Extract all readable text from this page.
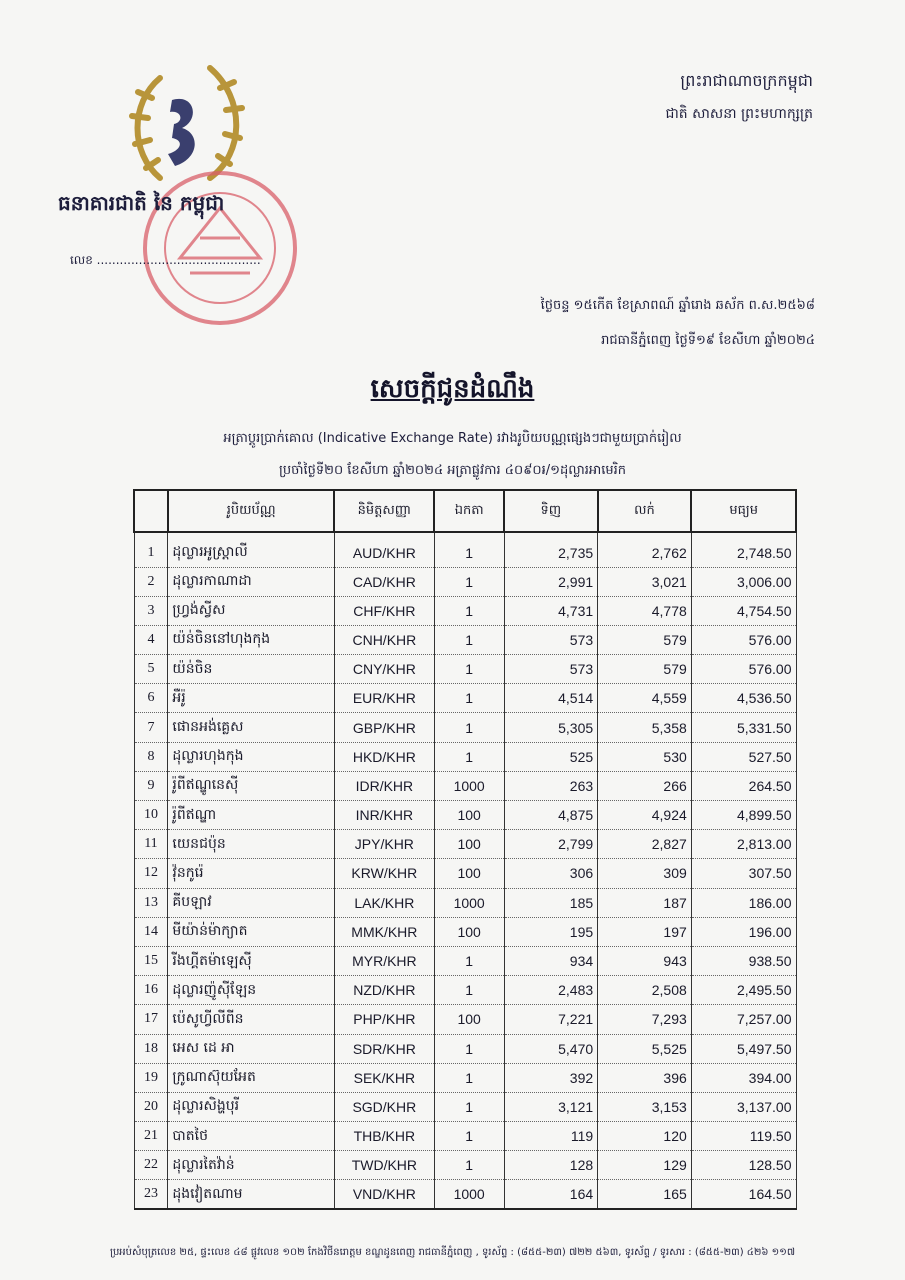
ធនាគារជាតិ នៃ កម្ពុជា
លេខ ...........................................
ព្រះរាជាណាចក្រកម្ពុជា
ជាតិ សាសនា ព្រះមហាក្សត្រ
ថ្ងៃចន្ទ ១៥កើត ខែស្រាពណ៍ ឆ្នាំរោង ឆស័ក ព.ស.២៥៦៨
រាជធានីភ្នំពេញ ថ្ងៃទី១៩ ខែសីហា ឆ្នាំ២០២៤
សេចក្តីជូនដំណឹង
អត្រាប្តូរប្រាក់គោល (Indicative Exchange Rate) រវាងរូបិយបណ្ណផ្សេងៗជាមួយប្រាក់រៀល
ប្រចាំថ្ងៃទី២០ ខែសីហា ឆ្នាំ២០២៤ អត្រាផ្លូវការ ៤០៩០៛/១ដុល្លារអាមេរិក
	រូបិយប័ណ្ណ	និមិត្តសញ្ញា	ឯកតា	ទិញ	លក់	មធ្យម
1	ដុល្លារអូស្ត្រាលី	AUD/KHR	1	2,735	2,762	2,748.50
2	ដុល្លារកាណាដា	CAD/KHR	1	2,991	3,021	3,006.00
3	ហ្វ្រង់ស្វីស	CHF/KHR	1	4,731	4,778	4,754.50
4	យ៉ន់ចិននៅហុងកុង	CNH/KHR	1	573	579	576.00
5	យ៉ន់ចិន	CNY/KHR	1	573	579	576.00
6	អឺរ៉ូ	EUR/KHR	1	4,514	4,559	4,536.50
7	ផោនអង់គ្លេស	GBP/KHR	1	5,305	5,358	5,331.50
8	ដុល្លារហុងកុង	HKD/KHR	1	525	530	527.50
9	រ៉ូពីឥណ្ឌូនេស៊ី	IDR/KHR	1000	263	266	264.50
10	រ៉ូពីឥណ្ឌា	INR/KHR	100	4,875	4,924	4,899.50
11	យេនជប៉ុន	JPY/KHR	100	2,799	2,827	2,813.00
12	វ៉ុនកូរ៉េ	KRW/KHR	100	306	309	307.50
13	គីបឡាវ	LAK/KHR	1000	185	187	186.00
14	មីយ៉ាន់ម៉ាក្យាត	MMK/KHR	100	195	197	196.00
15	រីងហ្គីតម៉ាឡេស៊ី	MYR/KHR	1	934	943	938.50
16	ដុល្លារញ៉ូស៊ីឡែន	NZD/KHR	1	2,483	2,508	2,495.50
17	ប៉េសូហ្វីលីពីន	PHP/KHR	100	7,221	7,293	7,257.00
18	អេស ដេ អា	SDR/KHR	1	5,470	5,525	5,497.50
19	ក្រូណាស៊ុយអែត	SEK/KHR	1	392	396	394.00
20	ដុល្លារសិង្ហបុរី	SGD/KHR	1	3,121	3,153	3,137.00
21	បាតថៃ	THB/KHR	1	119	120	119.50
22	ដុល្លារតៃវ៉ាន់	TWD/KHR	1	128	129	128.50
23	ដុងវៀតណាម	VND/KHR	1000	164	165	164.50
ប្រអប់សំបុត្រលេខ ២៥, ផ្ទះលេខ ៤៨ ផ្លូវលេខ ១០២ កែងវិថីនរោត្តម ខណ្ឌដូនពេញ រាជធានីភ្នំពេញ , ទូរស័ព្ទ : (៨៥៥-២៣) ៧២២ ៥៦៣, ទូរស័ព្ទ / ទូរសារ : (៨៥៥-២៣) ៤២៦ ១១៧
